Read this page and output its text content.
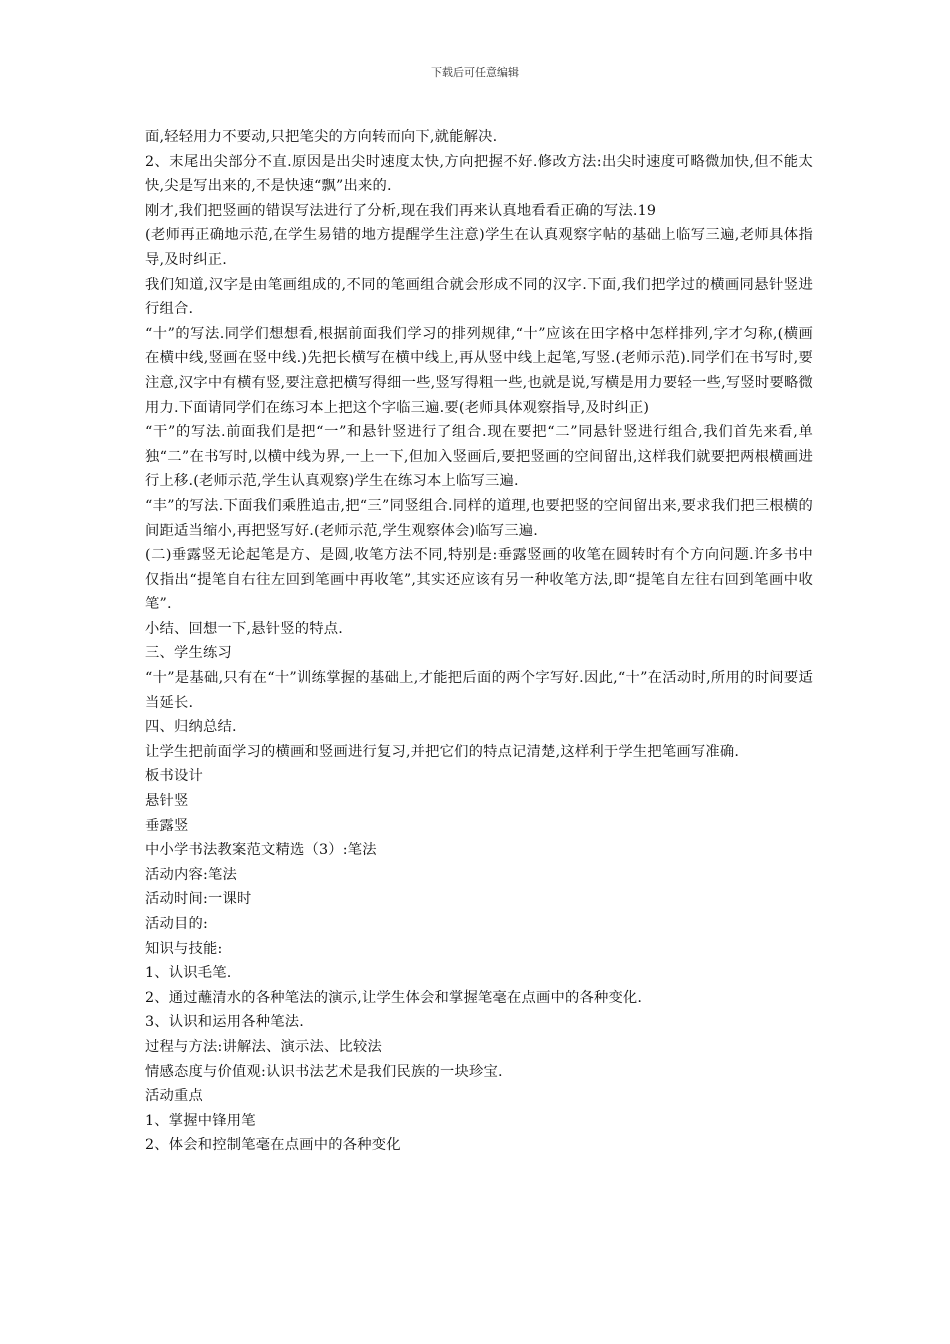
下载后可任意编辑

面,轻轻用力不要动,只把笔尖的方向转而向下,就能解决.

2、末尾出尖部分不直.原因是出尖时速度太快,方向把握不好.修改方法:出尖时速度可略微加快,但不能太快,尖是写出来的,不是快速“飘”出来的.

刚才,我们把竖画的错误写法进行了分析,现在我们再来认真地看看正确的写法.19

(老师再正确地示范,在学生易错的地方提醒学生注意)学生在认真观察字帖的基础上临写三遍,老师具体指导,及时纠正.

我们知道,汉字是由笔画组成的,不同的笔画组合就会形成不同的汉字.下面,我们把学过的横画同悬针竖进行组合.

“十”的写法.同学们想想看,根据前面我们学习的排列规律,“十”应该在田字格中怎样排列,字才匀称,(横画在横中线,竖画在竖中线.)先把长横写在横中线上,再从竖中线上起笔,写竖.(老师示范).同学们在书写时,要注意,汉字中有横有竖,要注意把横写得细一些,竖写得粗一些,也就是说,写横是用力要轻一些,写竖时要略微用力.下面请同学们在练习本上把这个字临三遍.要(老师具体观察指导,及时纠正)

“干”的写法.前面我们是把“一”和悬针竖进行了组合.现在要把“二”同悬针竖进行组合,我们首先来看,单独“二”在书写时,以横中线为界,一上一下,但加入竖画后,要把竖画的空间留出,这样我们就要把两根横画进行上移.(老师示范,学生认真观察)学生在练习本上临写三遍.

“丰”的写法.下面我们乘胜追击,把“三”同竖组合.同样的道理,也要把竖的空间留出来,要求我们把三根横的间距适当缩小,再把竖写好.(老师示范,学生观察体会)临写三遍.

(二)垂露竖无论起笔是方、是圆,收笔方法不同,特别是:垂露竖画的收笔在圆转时有个方向问题.许多书中仅指出“提笔自右往左回到笔画中再收笔”,其实还应该有另一种收笔方法,即“提笔自左往右回到笔画中收笔”.

小结、回想一下,悬针竖的特点.

三、学生练习

“十”是基础,只有在“十”训练掌握的基础上,才能把后面的两个字写好.因此,“十”在活动时,所用的时间要适当延长.

四、归纳总结.

让学生把前面学习的横画和竖画进行复习,并把它们的特点记清楚,这样利于学生把笔画写准确.

板书设计

悬针竖

垂露竖

中小学书法教案范文精选（3）:笔法

活动内容:笔法

活动时间:一课时

活动目的:

知识与技能:

1、认识毛笔.

2、通过蘸清水的各种笔法的演示,让学生体会和掌握笔毫在点画中的各种变化.

3、认识和运用各种笔法.

过程与方法:讲解法、演示法、比较法

情感态度与价值观:认识书法艺术是我们民族的一块珍宝.

活动重点

1、掌握中锋用笔

2、体会和控制笔毫在点画中的各种变化
